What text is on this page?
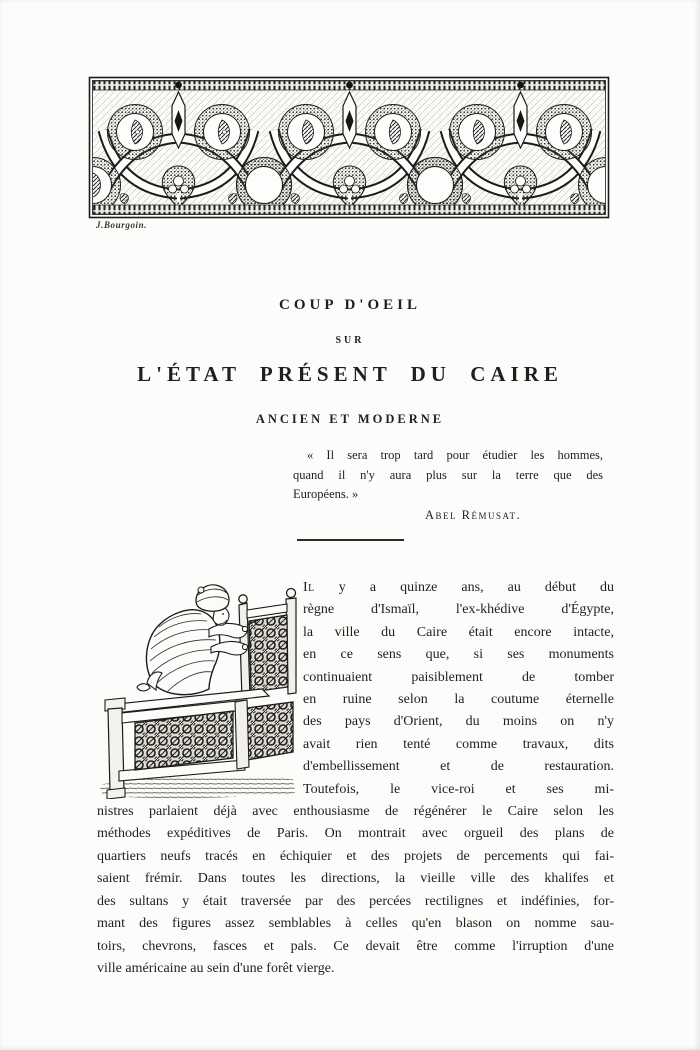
J.Bourgoin.
COUP D'OEIL
SUR
L'ÉTAT PRÉSENT DU CAIRE
ANCIEN ET MODERNE
« Il sera trop tard pour étudier les hommes,
quand il n'y aura plus sur la terre que des
Européens. »
Abel Rémusat.
Il y a quinze ans, au début du
règne d'Ismaïl, l'ex-khédive d'Égypte,
la ville du Caire était encore intacte,
en ce sens que, si ses monuments
continuaient paisiblement de tomber
en ruine selon la coutume éternelle
des pays d'Orient, du moins on n'y
avait rien tenté comme travaux, dits
d'embellissement et de restauration.
Toutefois, le vice-roi et ses mi-
nistres parlaient déjà avec enthousiasme de régénérer le Caire selon les
méthodes expéditives de Paris. On montrait avec orgueil des plans de
quartiers neufs tracés en échiquier et des projets de percements qui fai-
saient frémir. Dans toutes les directions, la vieille ville des khalifes et
des sultans y était traversée par des percées rectilignes et indéfinies, for-
mant des figures assez semblables à celles qu'en blason on nomme sau-
toirs, chevrons, fasces et pals. Ce devait être comme l'irruption d'une
ville américaine au sein d'une forêt vierge.
